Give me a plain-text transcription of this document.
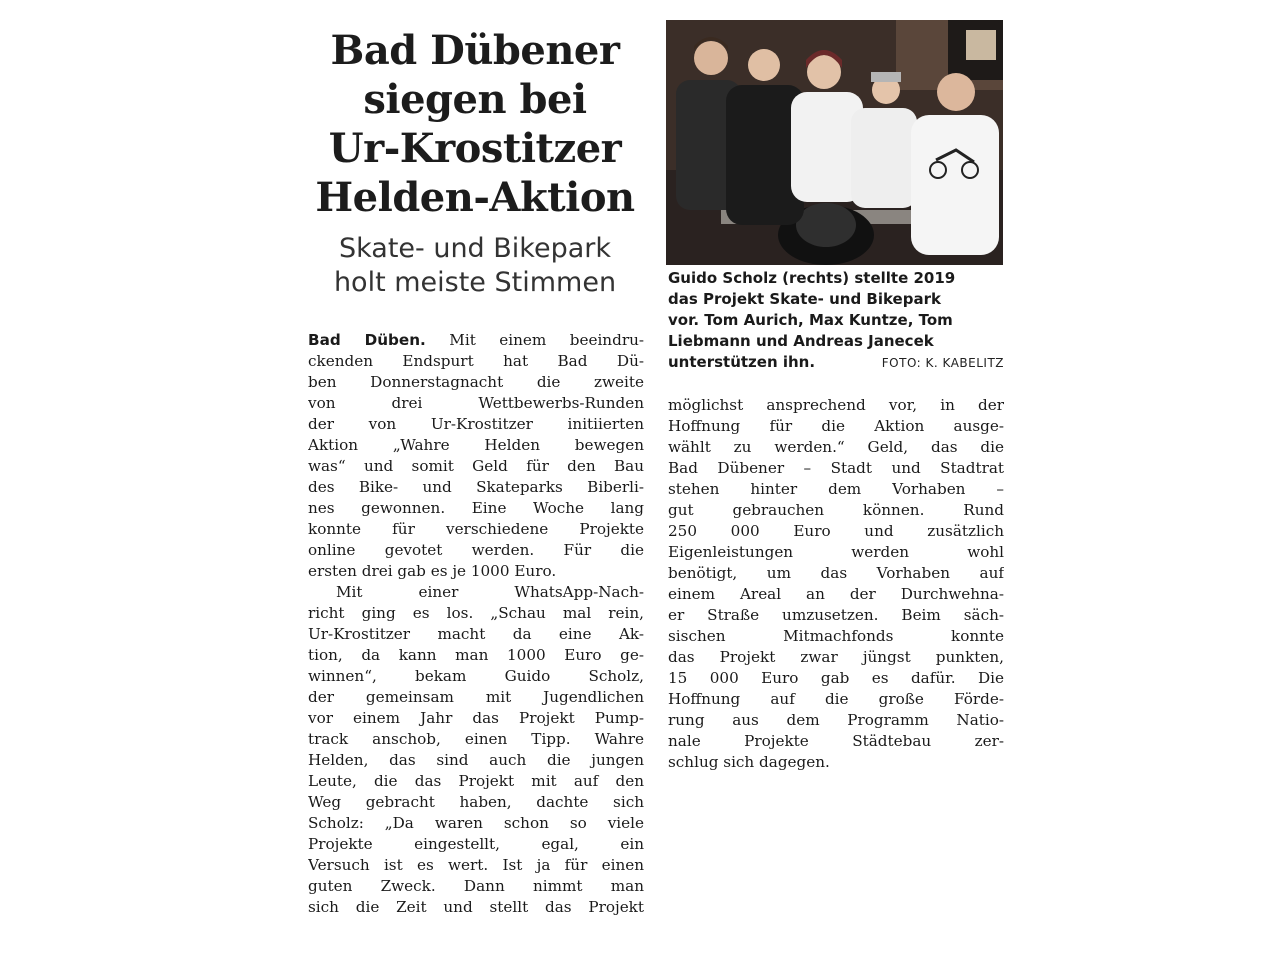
Bad Dübener
siegen bei
Ur-Krostitzer
Helden-Aktion
Skate- und Bikepark
holt meiste Stimmen
Bad Düben. Mit einem beeindru-
ckenden Endspurt hat Bad Dü-
ben Donnerstagnacht die zweite
von drei Wettbewerbs-Runden
der von Ur-Krostitzer initiierten
Aktion „Wahre Helden bewegen
was“ und somit Geld für den Bau
des Bike- und Skateparks Biberli-
nes gewonnen. Eine Woche lang
konnte für verschiedene Projekte
online gevotet werden. Für die
ersten drei gab es je 1000 Euro.
Mit einer WhatsApp-Nach-
richt ging es los. „Schau mal rein,
Ur-Krostitzer macht da eine Ak-
tion, da kann man 1000 Euro ge-
winnen“, bekam Guido Scholz,
der gemeinsam mit Jugendlichen
vor einem Jahr das Projekt Pump-
track anschob, einen Tipp. Wahre
Helden, das sind auch die jungen
Leute, die das Projekt mit auf den
Weg gebracht haben, dachte sich
Scholz: „Da waren schon so viele
Projekte eingestellt, egal, ein
Versuch ist es wert. Ist ja für einen
guten Zweck. Dann nimmt man
sich die Zeit und stellt das Projekt
Guido Scholz (rechts) stellte 2019
das Projekt Skate- und Bikepark
vor. Tom Aurich, Max Kuntze, Tom
Liebmann und Andreas Janecek
unterstützen ihn.	FOTO: K. KABELITZ
möglichst ansprechend vor, in der
Hoffnung für die Aktion ausge-
wählt zu werden.“ Geld, das die
Bad Dübener – Stadt und Stadtrat
stehen hinter dem Vorhaben –
gut gebrauchen können. Rund
250 000 Euro und zusätzlich
Eigenleistungen werden wohl
benötigt, um das Vorhaben auf
einem Areal an der Durchwehna-
er Straße umzusetzen. Beim säch-
sischen Mitmachfonds konnte
das Projekt zwar jüngst punkten,
15 000 Euro gab es dafür. Die
Hoffnung auf die große Förde-
rung aus dem Programm Natio-
nale Projekte Städtebau zer-
schlug sich dagegen.
